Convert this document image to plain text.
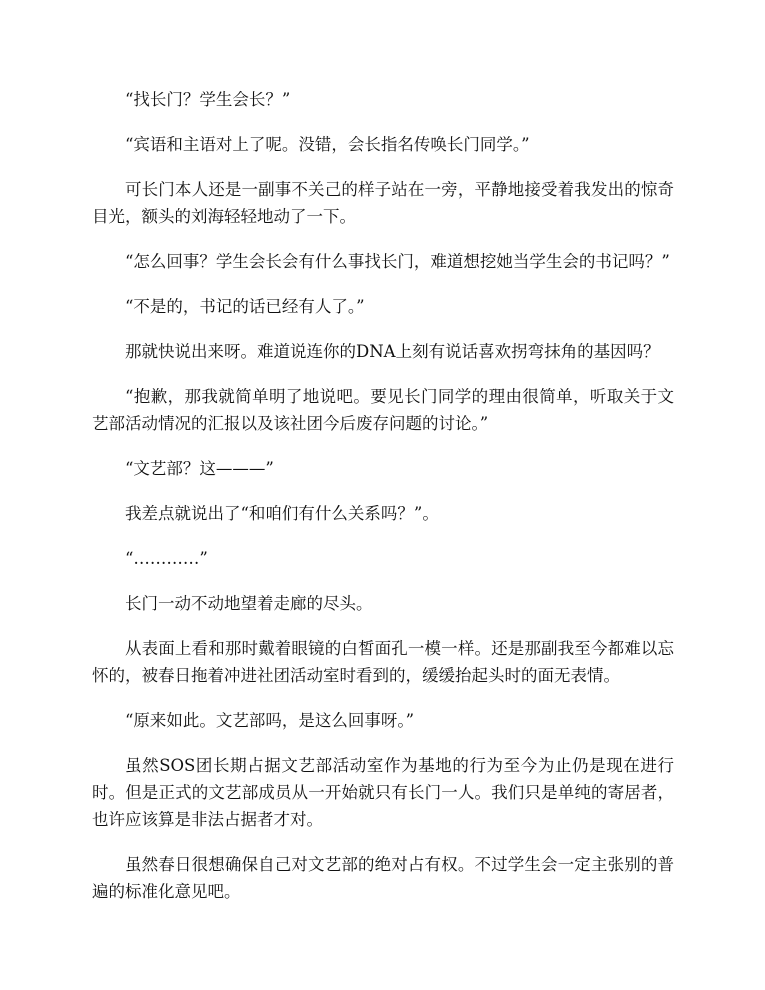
“找长门？学生会长？”

“宾语和主语对上了呢。没错，会长指名传唤长门同学。”

可长门本人还是一副事不关己的样子站在一旁，平静地接受着我发出的惊奇目光，额头的刘海轻轻地动了一下。

“怎么回事？学生会长会有什么事找长门，难道想挖她当学生会的书记吗？”

“不是的，书记的话已经有人了。”

那就快说出来呀。难道说连你的DNA上刻有说话喜欢拐弯抹角的基因吗？

“抱歉，那我就简单明了地说吧。要见长门同学的理由很简单，听取关于文艺部活动情况的汇报以及该社团今后废存问题的讨论。”

“文艺部？这———”

我差点就说出了“和咱们有什么关系吗？”。

“…………”

长门一动不动地望着走廊的尽头。

从表面上看和那时戴着眼镜的白皙面孔一模一样。还是那副我至今都难以忘怀的，被春日拖着冲进社团活动室时看到的，缓缓抬起头时的面无表情。

“原来如此。文艺部吗，是这么回事呀。”

虽然SOS团长期占据文艺部活动室作为基地的行为至今为止仍是现在进行时。但是正式的文艺部成员从一开始就只有长门一人。我们只是单纯的寄居者，也许应该算是非法占据者才对。

虽然春日很想确保自己对文艺部的绝对占有权。不过学生会一定主张别的普遍的标准化意见吧。
